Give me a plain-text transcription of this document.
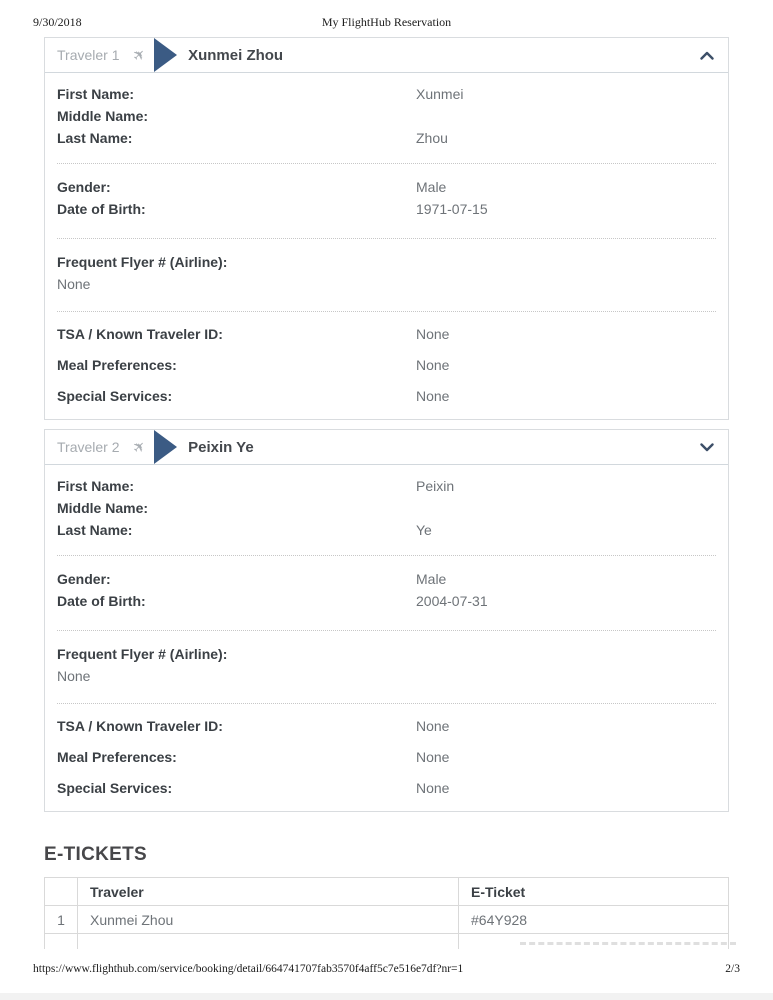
9/30/2018	My FlightHub Reservation
Traveler 1 ✈	Xunmei Zhou
First Name:	Xunmei
Middle Name:
Last Name:	Zhou
Gender:	Male
Date of Birth:	1971-07-15
Frequent Flyer # (Airline):
None
TSA / Known Traveler ID:	None
Meal Preferences:	None
Special Services:	None
Traveler 2 ✈	Peixin Ye
First Name:	Peixin
Middle Name:
Last Name:	Ye
Gender:	Male
Date of Birth:	2004-07-31
Frequent Flyer # (Airline):
None
TSA / Known Traveler ID:	None
Meal Preferences:	None
Special Services:	None
E-TICKETS
	Traveler	E-Ticket
1	Xunmei Zhou	#64Y928

https://www.flighthub.com/service/booking/detail/664741707fab3570f4aff5c7e516e7df?nr=1	2/3
